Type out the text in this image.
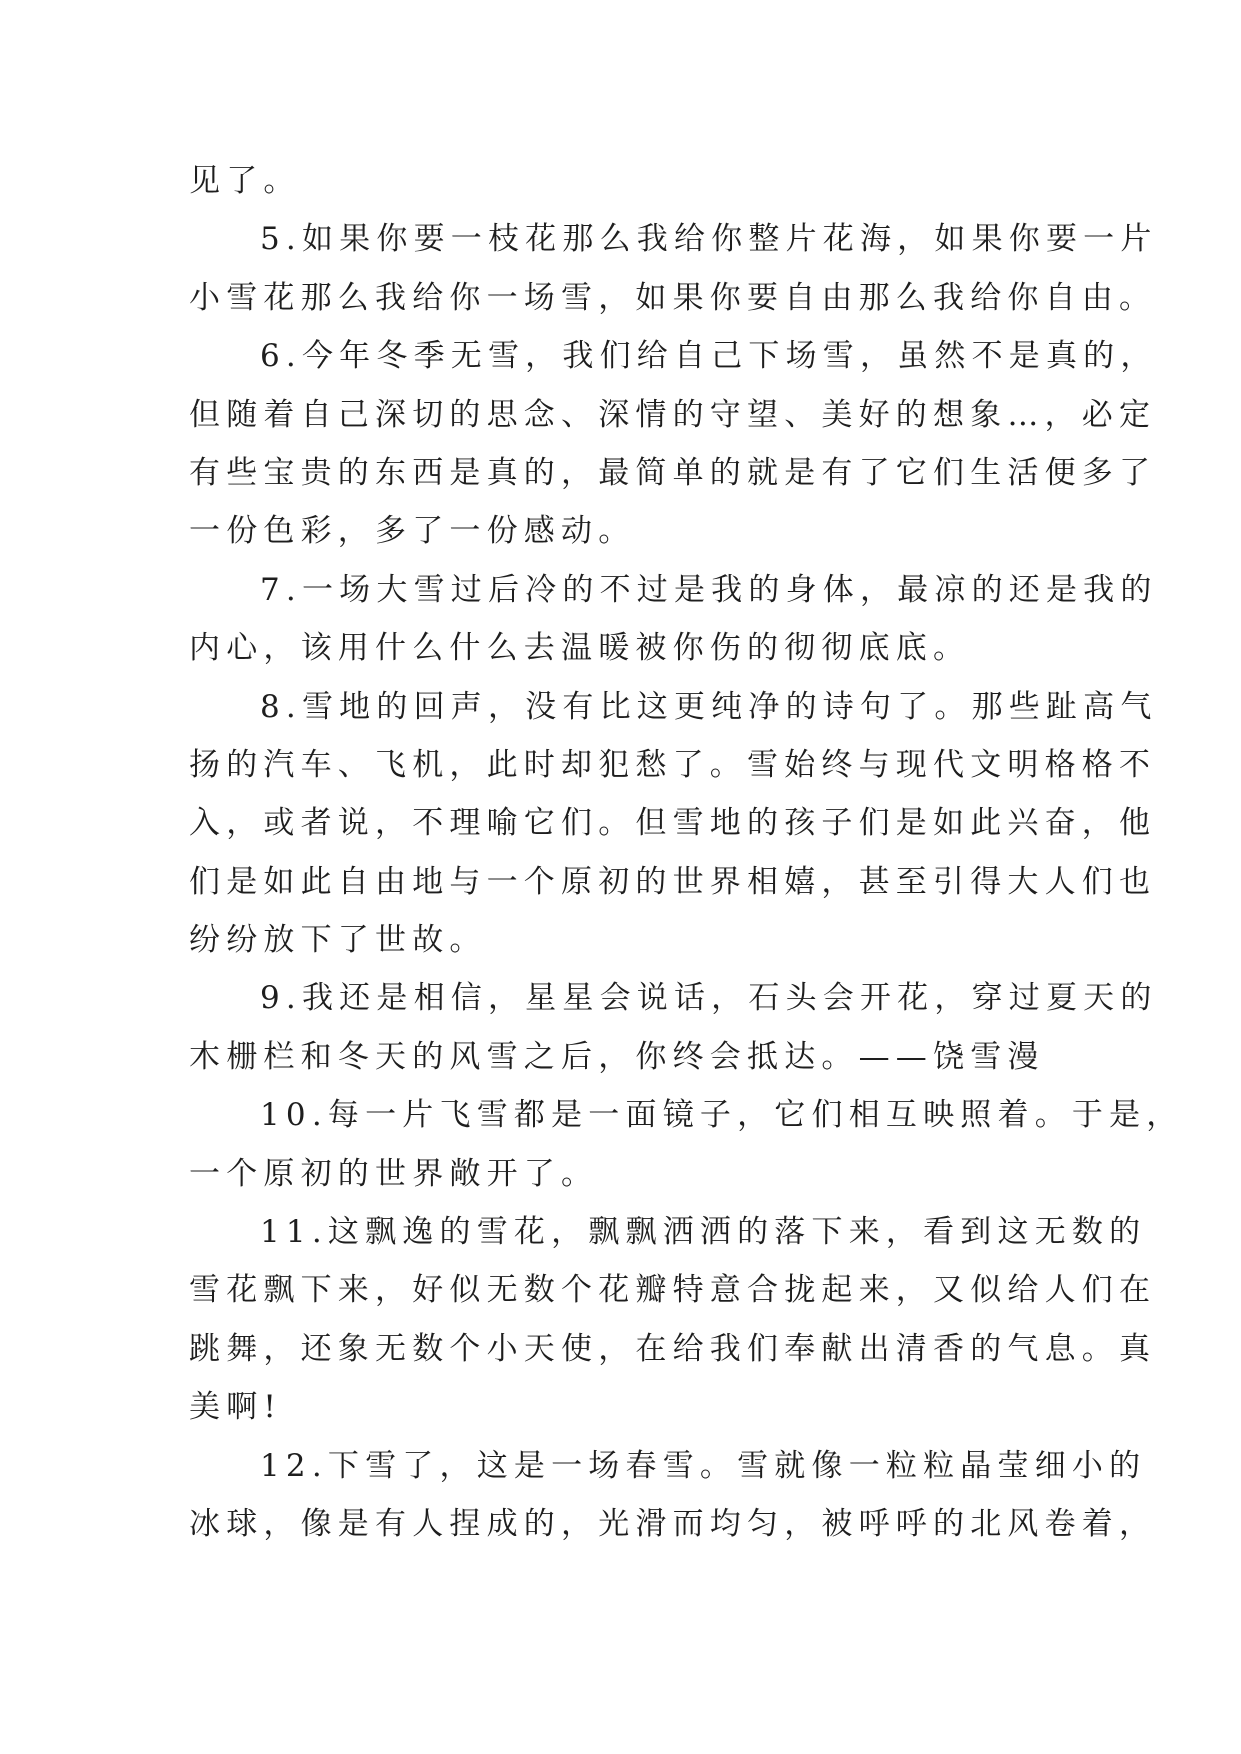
见了。
5.如果你要一枝花那么我给你整片花海，如果你要一片
小雪花那么我给你一场雪，如果你要自由那么我给你自由。
6.今年冬季无雪，我们给自己下场雪，虽然不是真的，
但随着自己深切的思念、深情的守望、美好的想象…，必定
有些宝贵的东西是真的，最简单的就是有了它们生活便多了
一份色彩，多了一份感动。
7.一场大雪过后冷的不过是我的身体，最凉的还是我的
内心，该用什么什么去温暖被你伤的彻彻底底。
8.雪地的回声，没有比这更纯净的诗句了。那些趾高气
扬的汽车、飞机，此时却犯愁了。雪始终与现代文明格格不
入，或者说，不理喻它们。但雪地的孩子们是如此兴奋，他
们是如此自由地与一个原初的世界相嬉，甚至引得大人们也
纷纷放下了世故。
9.我还是相信，星星会说话，石头会开花，穿过夏天的
木栅栏和冬天的风雪之后，你终会抵达。——饶雪漫
10.每一片飞雪都是一面镜子，它们相互映照着。于是，
一个原初的世界敞开了。
11.这飘逸的雪花，飘飘洒洒的落下来，看到这无数的
雪花飘下来，好似无数个花瓣特意合拢起来，又似给人们在
跳舞，还象无数个小天使，在给我们奉献出清香的气息。真
美啊!
12.下雪了，这是一场春雪。雪就像一粒粒晶莹细小的
冰球，像是有人捏成的，光滑而均匀，被呼呼的北风卷着，
